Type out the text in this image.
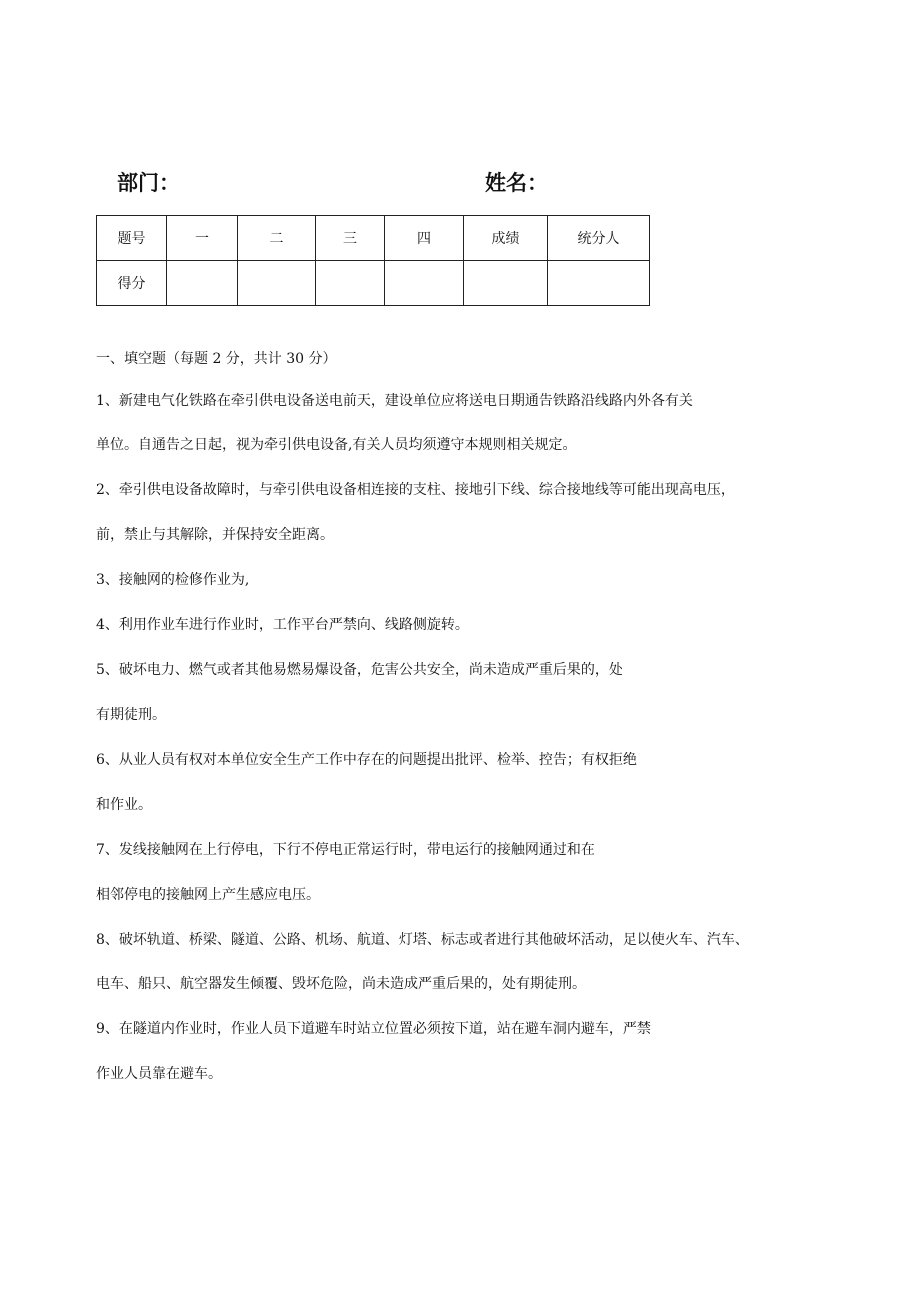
部门：	姓名：
题号	一	二	三	四	成绩	统分人
得分						
一、填空题（每题 2 分，共计 30 分）
1、新建电气化铁路在牵引供电设备送电前天，建设单位应将送电日期通告铁路沿线路内外各有关
单位。自通告之日起，视为牵引供电设备,有关人员均须遵守本规则相关规定。
2、牵引供电设备故障时，与牵引供电设备相连接的支柱、接地引下线、综合接地线等可能出现高电压，
前，禁止与其解除，并保持安全距离。
3、接触网的检修作业为,
4、利用作业车进行作业时，工作平台严禁向、线路侧旋转。
5、破坏电力、燃气或者其他易燃易爆设备，危害公共安全，尚未造成严重后果的，处
有期徒刑。
6、从业人员有权对本单位安全生产工作中存在的问题提出批评、检举、控告；有权拒绝
和作业。
7、发线接触网在上行停电，下行不停电正常运行时，带电运行的接触网通过和在
相邻停电的接触网上产生感应电压。
8、破坏轨道、桥梁、隧道、公路、机场、航道、灯塔、标志或者进行其他破坏活动，足以使火车、汽车、
电车、船只、航空器发生倾覆、毁坏危险，尚未造成严重后果的，处有期徒刑。
9、在隧道内作业时，作业人员下道避车时站立位置必须按下道，站在避车洞内避车，严禁
作业人员靠在避车。
